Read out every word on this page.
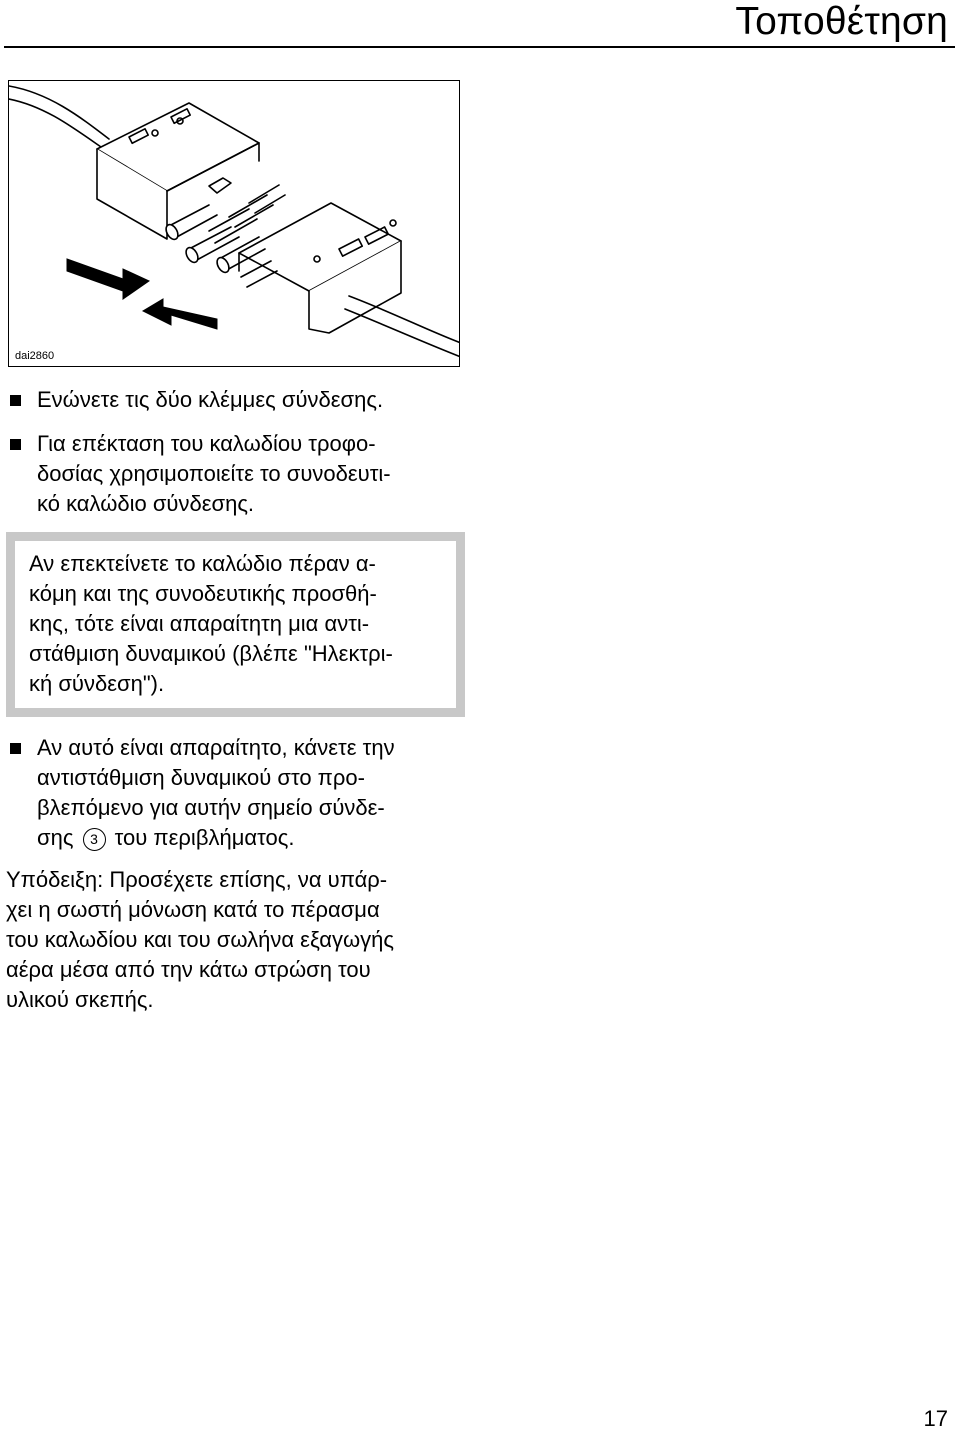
Τοποθέτηση
dai2860
Ενώνετε τις δύο κλέμμες σύνδεσης.
Για επέκταση του καλωδίου τροφο-
δοσίας χρησιμοποιείτε το συνοδευτι-
κό καλώδιο σύνδεσης.
Αν επεκτείνετε το καλώδιο πέραν α-
κόμη και της συνοδευτικής προσθή-
κης, τότε είναι απαραίτητη μια αντι-
στάθμιση δυναμικού (βλέπε "Ηλεκτρι-
κή σύνδεση").
Αν αυτό είναι απαραίτητο, κάνετε την
αντιστάθμιση δυναμικού στο προ-
βλεπόμενο για αυτήν σημείο σύνδε-
σης 3 του περιβλήματος.
Υπόδειξη: Προσέχετε επίσης, να υπάρ-
χει η σωστή μόνωση κατά το πέρασμα
του καλωδίου και του σωλήνα εξαγωγής
αέρα μέσα από την κάτω στρώση του
υλικού σκεπής.
17
